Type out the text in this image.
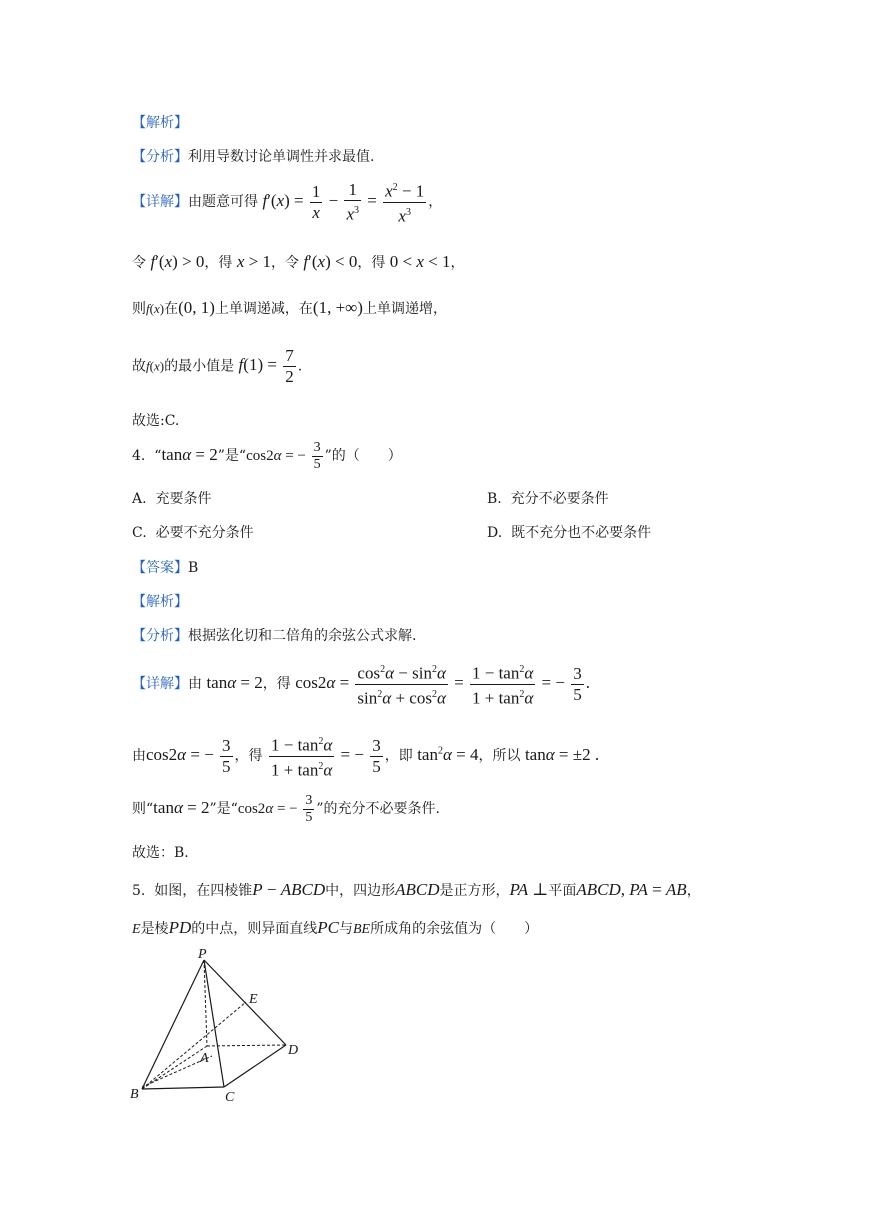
【解析】
【分析】利用导数讨论单调性并求最值.
【详解】由题意可得 $f'(x) = \frac{1}{x} - \frac{1}{x^3} = \frac{x^2 - 1}{x^3}$ ，
令 f′(x) > 0，得 x > 1，令 f′(x) < 0，得 0 < x < 1，
则f(x)在(0, 1)上单调递减，在(1, +∞)上单调递增，
故f(x)的最小值是 $f(1) = \frac{7}{2}$ .
故选:C.
4. “tanα = 2”是“cos2α = − $\frac{3}{5}$ ”的（　　）
A. 充要条件	B. 充分不必要条件
C. 必要不充分条件	D. 既不充分也不必要条件
【答案】B
【解析】
【分析】根据弦化切和二倍角的余弦公式求解.
【详解】由 tanα = 2，得 $\cos 2\alpha = \frac{\cos^2\alpha - \sin^2\alpha}{\sin^2\alpha + \cos^2\alpha} = \frac{1 - \tan^2\alpha}{1 + \tan^2\alpha}$ = − $\frac{3}{5}$ .
由cos2α = − $\frac{3}{5}$ ，得 $\frac{1 - \tan^2\alpha}{1 + \tan^2\alpha}$ = − $\frac{3}{5}$ ，即 $\tan^2\alpha = 4$，所以 tanα = ±2 .
则“tanα = 2”是“cos2α = − $\frac{3}{5}$ ”的充分不必要条件.
故选：B.
5. 如图，在四棱锥P − ABCD中，四边形ABCD是正方形，PA ⊥平面ABCD, PA = AB，
E是棱PD的中点，则异面直线PC与BE所成角的余弦值为（　　）
P
E
A
D
B	C
